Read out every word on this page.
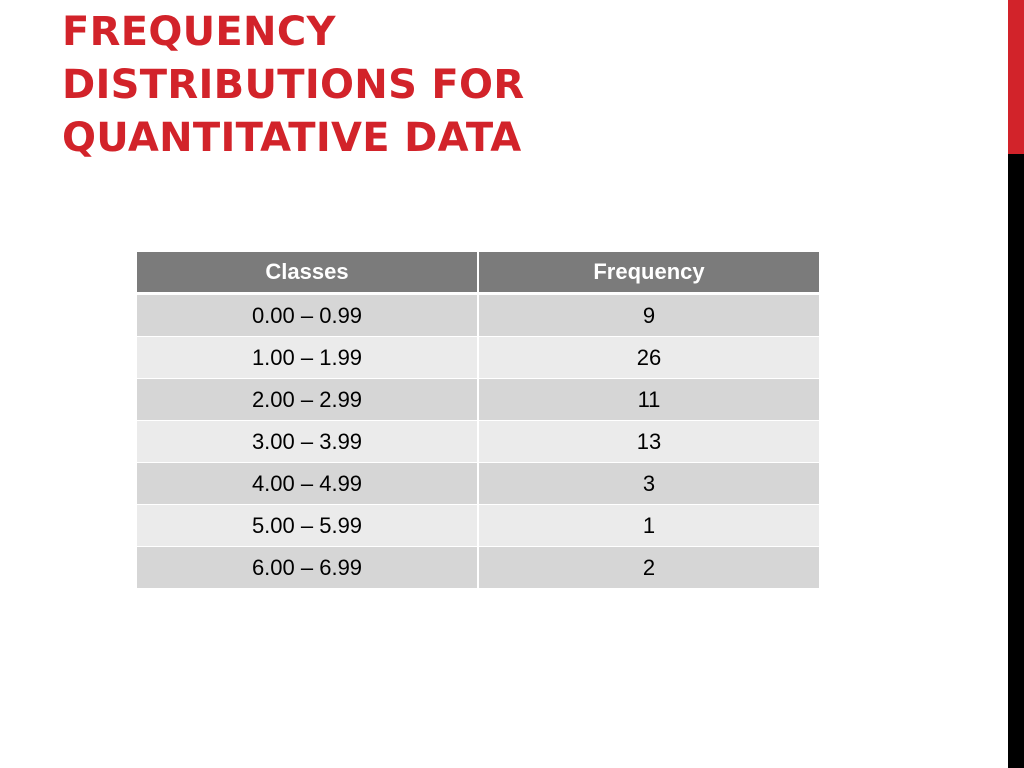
FREQUENCY
DISTRIBUTIONS FOR
QUANTITATIVE DATA
Classes	Frequency
0.00 – 0.99	9
1.00 – 1.99	26
2.00 – 2.99	11
3.00 – 3.99	13
4.00 – 4.99	3
5.00 – 5.99	1
6.00 – 6.99	2
